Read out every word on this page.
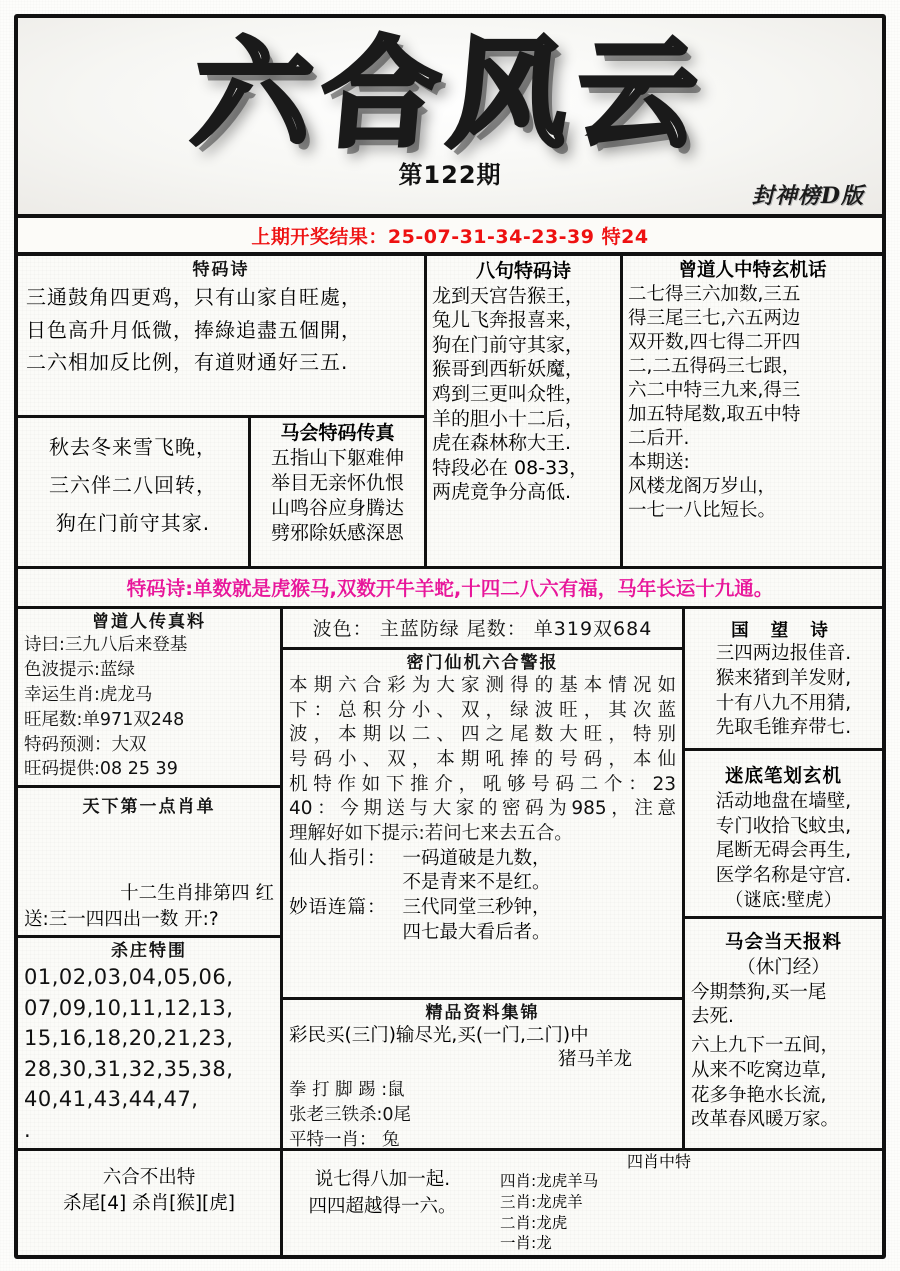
六合风云
第122期
封神榜D版
上期开奖结果：25-07-31-34-23-39 特24
特码诗
三通鼓角四更鸡，只有山家自旺處，
日色高升月低微，捧綠追盡五個開，
二六相加反比例，有道财通好三五.
秋去冬来雪飞晚，
三六伴二八回转，
狗在门前守其家.
马会特码传真
五指山下躯难伸
举目无亲怀仇恨
山鸣谷应身腾达
劈邪除妖感深恩
八句特码诗
龙到天宫告猴王，
兔儿飞奔报喜来，
狗在门前守其家，
猴哥到西斩妖魔，
鸡到三更叫众牲，
羊的胆小十二后，
虎在森林称大王.
特段必在 08-33，
两虎竟争分高低.
曾道人中特玄机话
二七得三六加数,三五
得三尾三七,六五两边
双开数,四七得二开四
二,二五得码三七跟，
六二中特三九来,得三
加五特尾数,取五中特
二后开.
本期送:
风楼龙阁万岁山，
一七一八比短长。
特码诗:单数就是虎猴马,双数开牛羊蛇,十四二八六有福，马年长运十九通。
曾道人传真料
诗曰:三九八后来登基
色波提示:蓝绿
幸运生肖:虎龙马
旺尾数:单971双248
特码预测：大双
旺码提供:08 25 39
天下第一点肖单
十二生肖排第四 红
送:三一四四出一数 开:?
杀庄特围
01,02,03,04,05,06,
07,09,10,11,12,13,
15,16,18,20,21,23,
28,30,31,32,35,38,
40,41,43,44,47,
.
波色： 主蓝防绿 尾数： 单319双684
密门仙机六合警报
本期六合彩为大家测得的基本情况如
下：总积分小、双，绿波旺，其次蓝
波，本期以二、四之尾数大旺，特别
号码小、双，本期吼捧的号码，本仙
机特作如下推介，吼够号码二个：23
40：今期送与大家的密码为985，注意
理解好如下提示:若问七来去五合。
仙人指引： 一码道破是九数，
不是青来不是红。
妙语连篇： 三代同堂三秒钟，
四七最大看后者。
精品资料集锦
彩民买(三门)输尽光,买(一门,二门)中
猪马羊龙
拳 打 脚 踢 :鼠
张老三铁杀:0尾
平特一肖： 兔
国 望 诗
三四两边报佳音.
猴来猪到羊发财,
十有八九不用猜,
先取毛锥弃带七.
迷底笔划玄机
活动地盘在墙壁,
专门收拾飞蚊虫,
尾断无碍会再生,
医学名称是守宫.
（谜底:壁虎）
马会当天报料
（休门经）
今期禁狗,买一尾
去死.
六上九下一五间，
从来不吃窝边草,
花多争艳水长流,
改革春风暖万家。
六合不出特
杀尾[4] 杀肖[猴][虎]
说七得八加一起.
四四超越得一六。
四肖中特
四肖:龙虎羊马
三肖:龙虎羊
二肖:龙虎
一肖:龙
